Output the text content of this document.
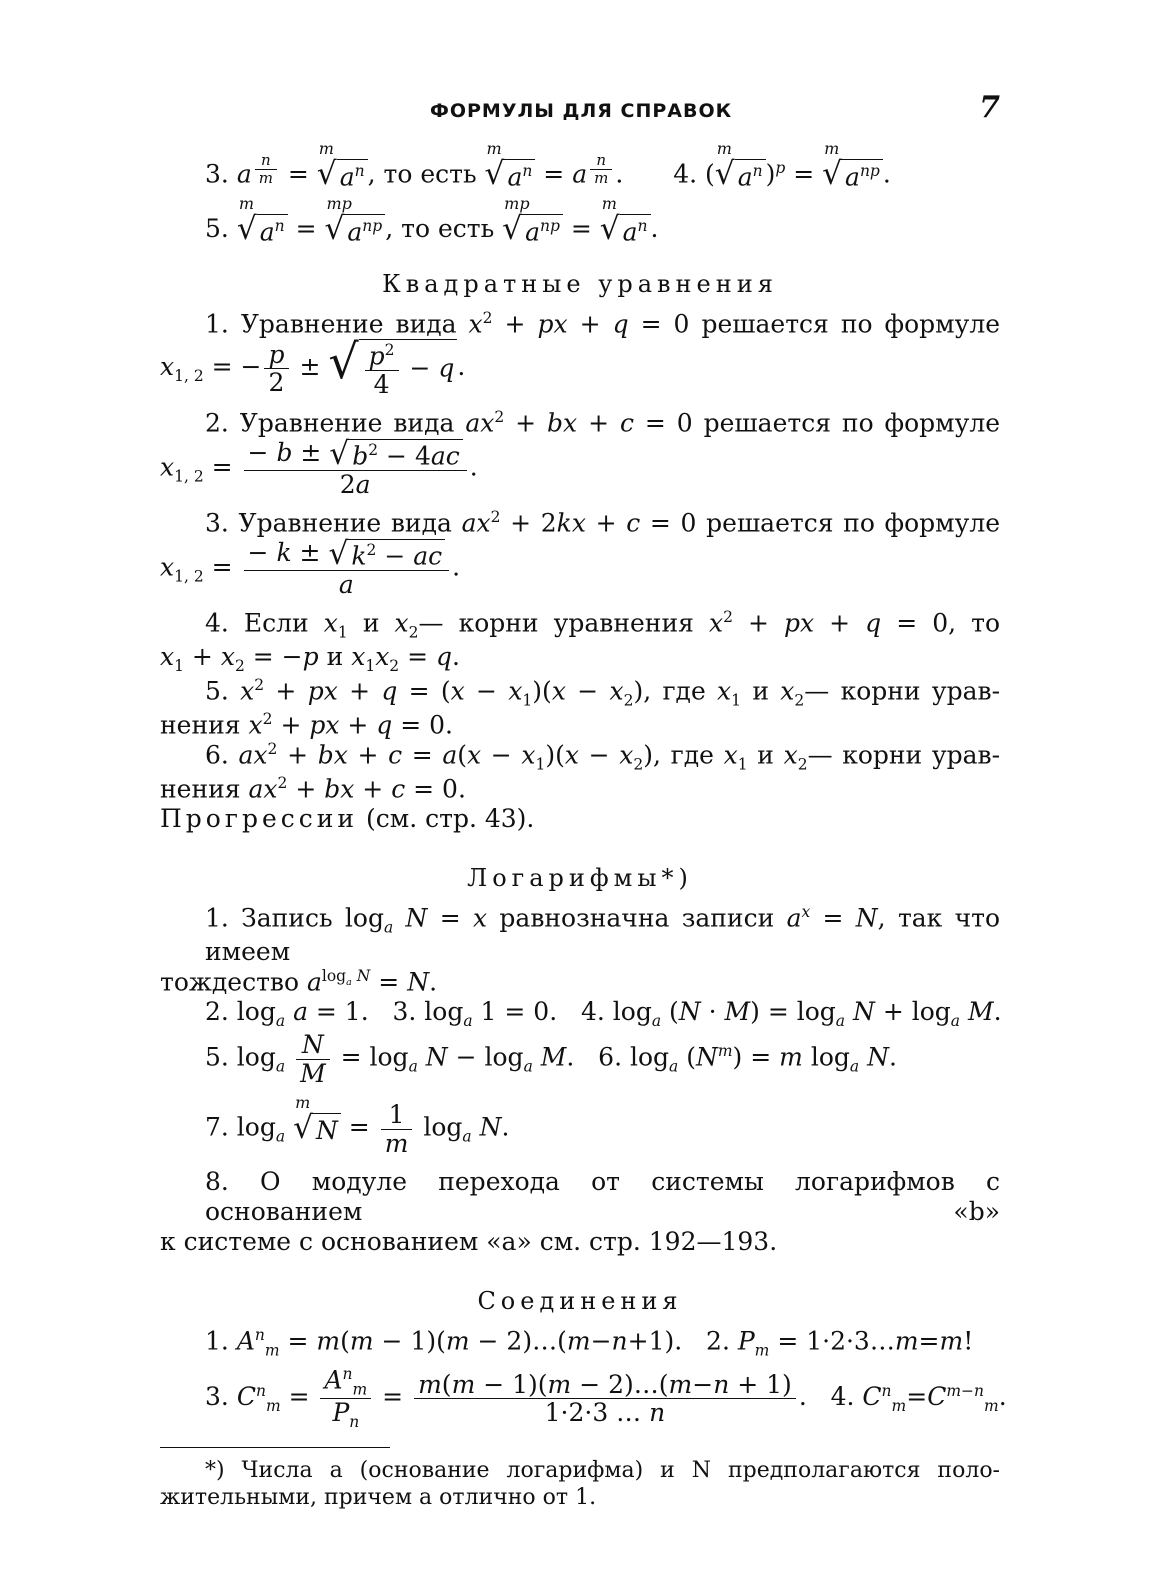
ФОРМУЛЫ ДЛЯ СПРАВОК	7
3. a $^{\frac{n}{m}}$ =
m
√ $a^n$ , то есть
m
√ $a^n = a$ $^{\frac{n}{m}}$ .  4. (
m
√ $a^n$ )$^p$ =
m
√ $a^{np}$ .
5.
m
√ $a^n$ =
mp
√ $a^{np}$ , то есть
mp
√ $a^{np}$ =
m
√ $a^n$ .
Квадратные уравнения
1. Уравнение вида $x^2$ + px + q = 0 решается по формуле
$x_{1, 2}$ = − $\frac{p}{2}$ ± √ $\frac{p^2}{4} - q$ .
2. Уравнение вида $ax^2$ + bx + c = 0 решается по формуле
$x_{1, 2} = \frac{- b \pm √ b^2 - 4ac}{2a}$ .
3. Уравнение вида $ax^2 + 2kx + c = 0$ решается по формуле
$x_{1, 2} = \frac{- k \pm √ k^2 - ac}{a}$ .
4. Если $x_1$ и $x_2—$ корни уравнения $x^2$ + px + q = 0, то
$x_1 + x_2 = -p$ и $x_1x_2 = q$.
5. $x^2$ + px + $q = (x - x_1)(x - x_2)$, где $x_1$ и $x_2—$ корни урав-
нения $x^2$ + px + q = 0.
6. $ax^2$ + bx + $c = a(x - x_1)(x - x_2)$, где $x_1$ и $x_2—$ корни урав-
нения $ax^2$ + bx + c = 0.
Прогрессии (см. стр. 43).
Логарифмы*)
1. Запись $\log_a N = x$ равнозначна записи $a^x = N$, так что имеем
тождество $a^{log_a N} = N$.
2. $\log_a a = 1$.   3. $\log_a 1 = 0$.   4. $\log_a (N \cdot M) = \log_a N + \log_a M$.
5. $\log_a \frac{N}{M} = \log_a N - \log_a M$.   6. $\log_a (N^m) = m$ $\log_a N$.
7. $\log_a$
m
√ $N = \frac{1}{m} \log_a N$.
8. О модуле перехода от системы логарифмов с основанием «b»
к системе с основанием «a» см. стр. 192—193.
Соединения
1. $A^n_m = m(m - 1)(m$ − 2)…(m−n+1).   2. $P_m$ = 1·2·3…m=m!
3. $C^n_m = \frac{A^n_m}{P_n} = \frac{m(m - 1)(m - 2)\dots(m-n + 1)}{1\cdot 2\cdot 3 \dots n}$ .   4. $C^n_m=C^{m-n}_m$.
*) Числа a (основание логарифма) и N предполагаются поло-
жительными, причем a отлично от 1.
